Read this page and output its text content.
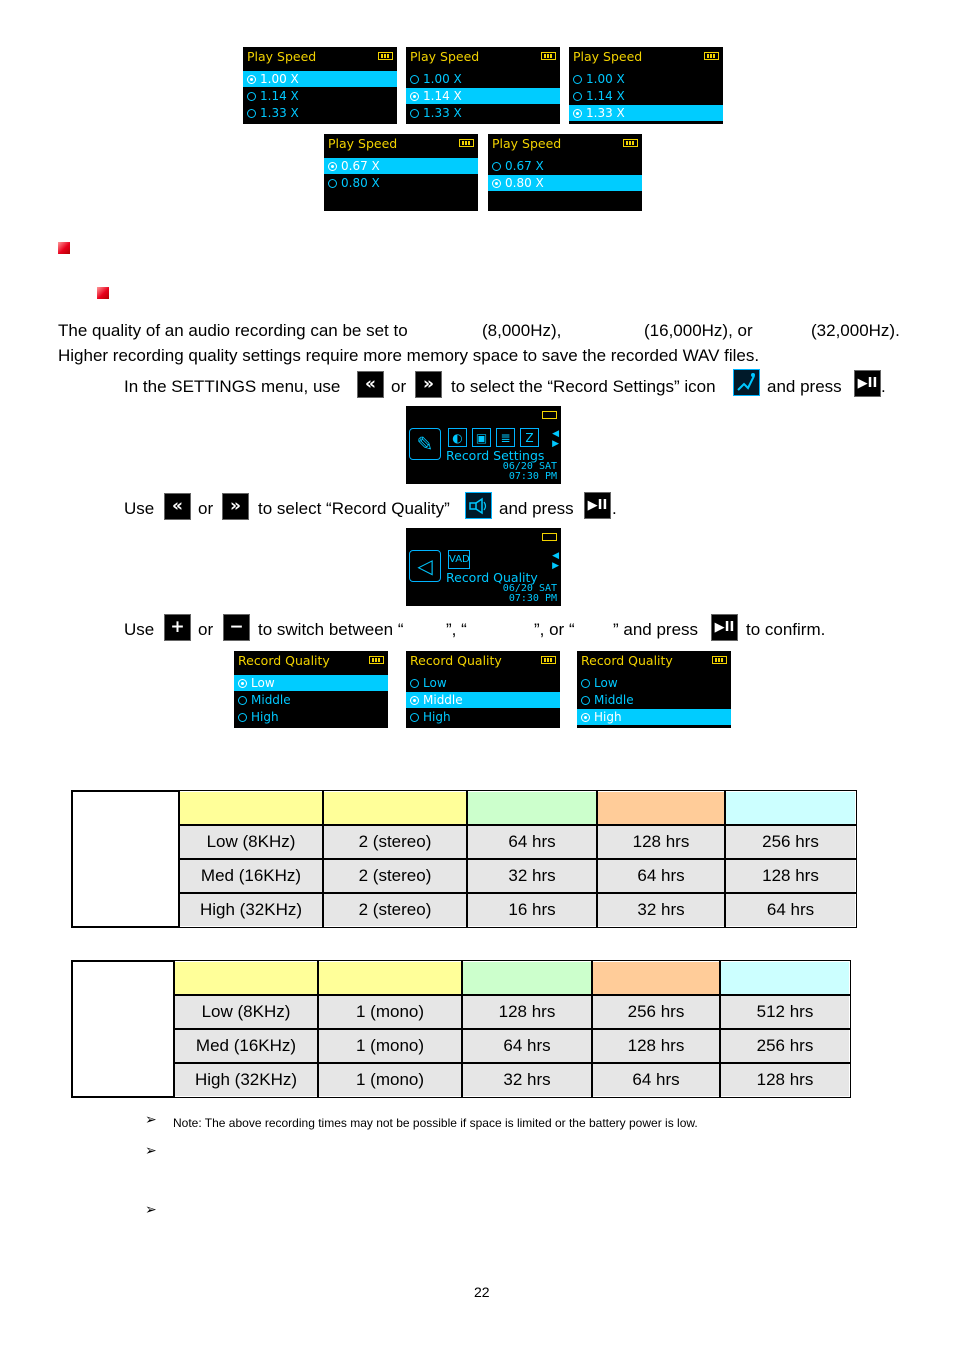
Play Speed
1.00 X
1.14 X
1.33 X
Play Speed
1.00 X
1.14 X
1.33 X
Play Speed
1.00 X
1.14 X
1.33 X
Play Speed
0.67 X
0.80 X
Play Speed
0.67 X
0.80 X
The quality of an audio recording can be set to	(8,000Hz),	(16,000Hz), or	(32,000Hz).
Higher recording quality settings require more memory space to save the recorded WAV files.
In the SETTINGS menu, use	« or »	to select the “Record Settings” icon	and press ▶II .
✎	◐	▣	≣	Z	◀
▶
Record Settings
06/20 SAT
07:30 PM
Use	« or »	to select “Record Quality”	and press ▶II .
◁	VAD	◀
▶
Record Quality
06/20 SAT
07:30 PM
Use + or − to switch between “ ”, “	”, or “ ” and press ▶II to confirm.
Record Quality
Low
Middle
High
Record Quality
Low
Middle
High
Record Quality
Low
Middle
High

	Low (8KHz)	2 (stereo)	64 hrs	128 hrs	256 hrs
	Med (16KHz)	2 (stereo)	32 hrs	64 hrs	128 hrs
	High (32KHz)	2 (stereo)	16 hrs	32 hrs	64 hrs

	Low (8KHz)	1 (mono)	128 hrs	256 hrs	512 hrs
	Med (16KHz)	1 (mono)	64 hrs	128 hrs	256 hrs
	High (32KHz)	1 (mono)	32 hrs	64 hrs	128 hrs
➢ Note: The above recording times may not be possible if space is limited or the battery power is low.
➢
➢
22
